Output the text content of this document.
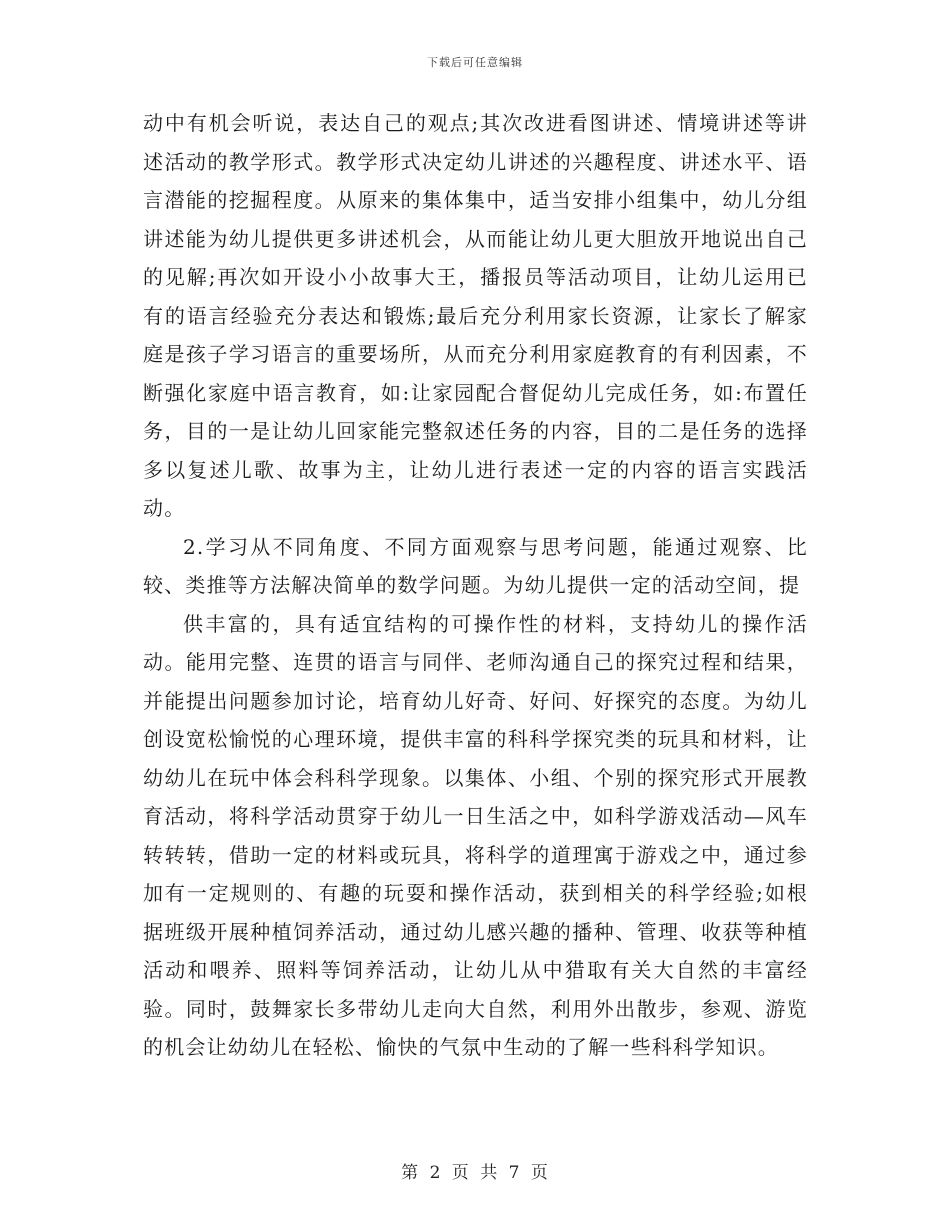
下载后可任意编辑

动中有机会听说，表达自己的观点;其次改进看图讲述、情境讲述等讲述活动的教学形式。教学形式决定幼儿讲述的兴趣程度、讲述水平、语言潜能的挖掘程度。从原来的集体集中，适当安排小组集中，幼儿分组讲述能为幼儿提供更多讲述机会，从而能让幼儿更大胆放开地说出自己的见解;再次如开设小小故事大王，播报员等活动项目，让幼儿运用已有的语言经验充分表达和锻炼;最后充分利用家长资源，让家长了解家庭是孩子学习语言的重要场所，从而充分利用家庭教育的有利因素，不断强化家庭中语言教育，如:让家园配合督促幼儿完成任务，如:布置任务，目的一是让幼儿回家能完整叙述任务的内容，目的二是任务的选择多以复述儿歌、故事为主，让幼儿进行表述一定的内容的语言实践活动。

2.学习从不同角度、不同方面观察与思考问题，能通过观察、比较、类推等方法解决简单的数学问题。为幼儿提供一定的活动空间，提

供丰富的，具有适宜结构的可操作性的材料，支持幼儿的操作活动。能用完整、连贯的语言与同伴、老师沟通自己的探究过程和结果，并能提出问题参加讨论，培育幼儿好奇、好问、好探究的态度。为幼儿创设宽松愉悦的心理环境，提供丰富的科科学探究类的玩具和材料，让幼幼儿在玩中体会科科学现象。以集体、小组、个别的探究形式开展教育活动，将科学活动贯穿于幼儿一日生活之中，如科学游戏活动—风车转转转，借助一定的材料或玩具，将科学的道理寓于游戏之中，通过参加有一定规则的、有趣的玩耍和操作活动，获到相关的科学经验;如根据班级开展种植饲养活动，通过幼儿感兴趣的播种、管理、收获等种植活动和喂养、照料等饲养活动，让幼儿从中猎取有关大自然的丰富经验。同时，鼓舞家长多带幼儿走向大自然，利用外出散步，参观、游览的机会让幼幼儿在轻松、愉快的气氛中生动的了解一些科科学知识。

第 2 页 共 7 页
